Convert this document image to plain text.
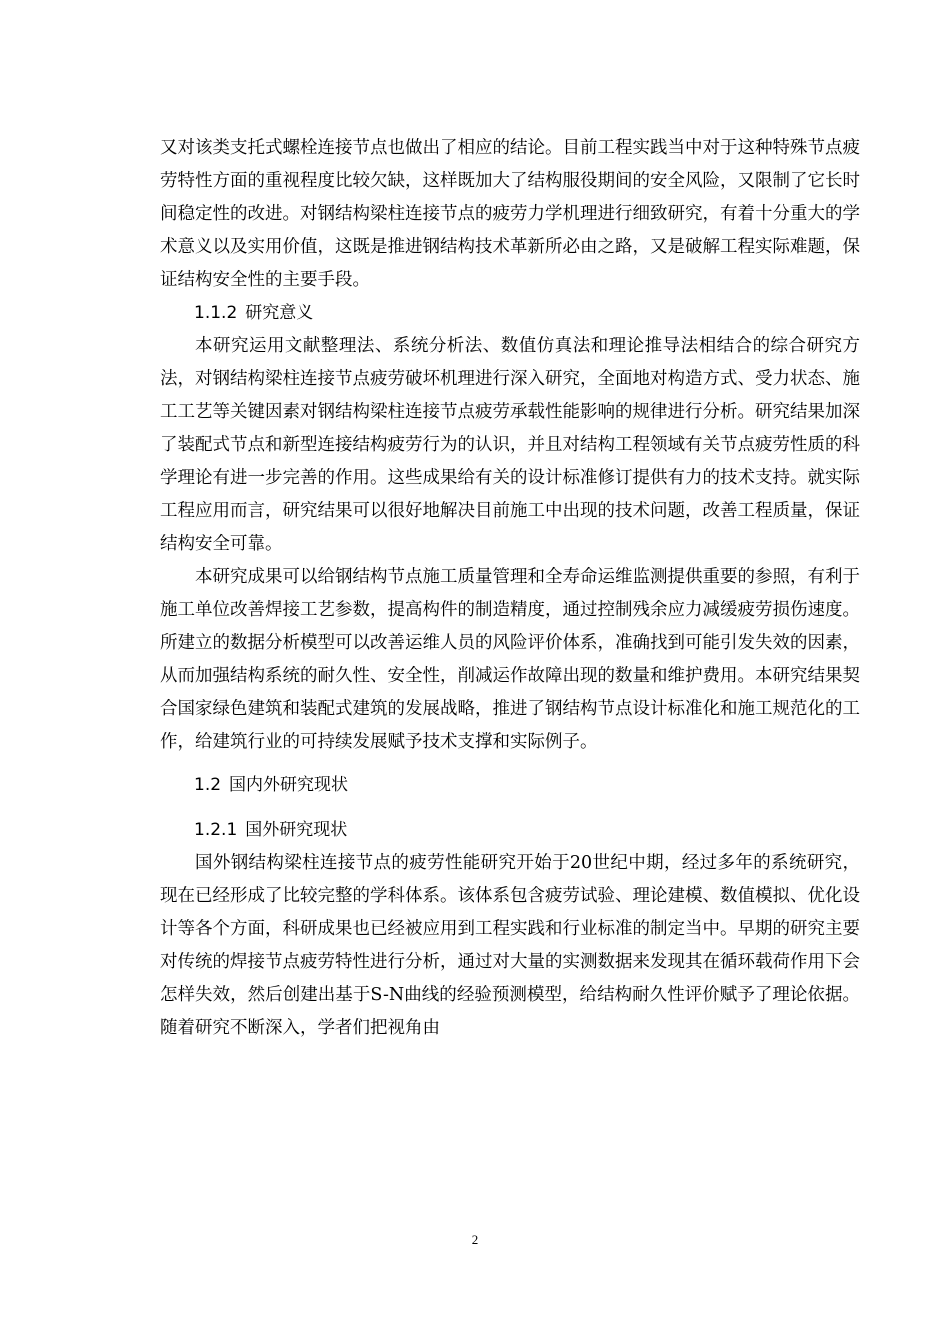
又对该类支托式螺栓连接节点也做出了相应的结论。目前工程实践当中对于这种特殊节点疲劳特性方面的重视程度比较欠缺，这样既加大了结构服役期间的安全风险，又限制了它长时间稳定性的改进。对钢结构梁柱连接节点的疲劳力学机理进行细致研究，有着十分重大的学术意义以及实用价值，这既是推进钢结构技术革新所必由之路，又是破解工程实际难题，保证结构安全性的主要手段。

1.1.2 研究意义

本研究运用文献整理法、系统分析法、数值仿真法和理论推导法相结合的综合研究方法，对钢结构梁柱连接节点疲劳破坏机理进行深入研究，全面地对构造方式、受力状态、施工工艺等关键因素对钢结构梁柱连接节点疲劳承载性能影响的规律进行分析。研究结果加深了装配式节点和新型连接结构疲劳行为的认识，并且对结构工程领域有关节点疲劳性质的科学理论有进一步完善的作用。这些成果给有关的设计标准修订提供有力的技术支持。就实际工程应用而言，研究结果可以很好地解决目前施工中出现的技术问题，改善工程质量，保证结构安全可靠。

本研究成果可以给钢结构节点施工质量管理和全寿命运维监测提供重要的参照，有利于施工单位改善焊接工艺参数，提高构件的制造精度，通过控制残余应力减缓疲劳损伤速度。所建立的数据分析模型可以改善运维人员的风险评价体系，准确找到可能引发失效的因素，从而加强结构系统的耐久性、安全性，削减运作故障出现的数量和维护费用。本研究结果契合国家绿色建筑和装配式建筑的发展战略，推进了钢结构节点设计标准化和施工规范化的工作，给建筑行业的可持续发展赋予技术支撑和实际例子。

1.2 国内外研究现状
1.2.1 国外研究现状

国外钢结构梁柱连接节点的疲劳性能研究开始于20世纪中期，经过多年的系统研究，现在已经形成了比较完整的学科体系。该体系包含疲劳试验、理论建模、数值模拟、优化设计等各个方面，科研成果也已经被应用到工程实践和行业标准的制定当中。早期的研究主要对传统的焊接节点疲劳特性进行分析，通过对大量的实测数据来发现其在循环载荷作用下会怎样失效，然后创建出基于S-N曲线的经验预测模型，给结构耐久性评价赋予了理论依据。随着研究不断深入，学者们把视角由

2
